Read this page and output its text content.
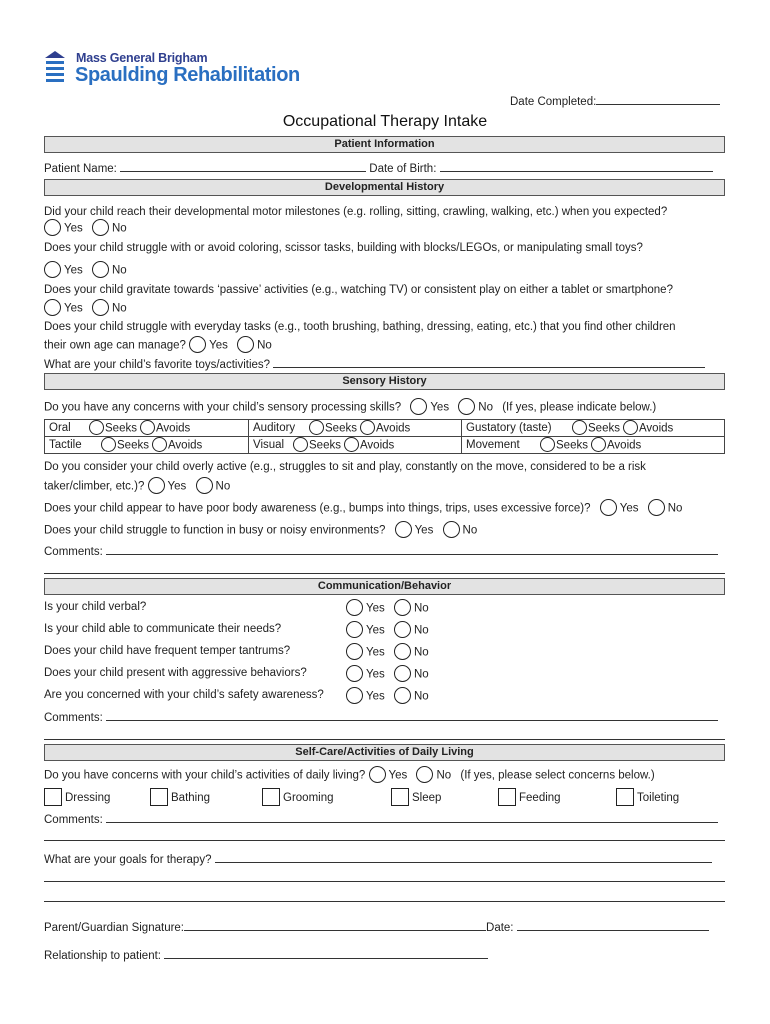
Mass General Brigham
Spaulding Rehabilitation
Date Completed:
Occupational Therapy Intake
Patient Information
Patient Name:	Date of Birth:
Developmental History
Did your child reach their developmental motor milestones (e.g. rolling, sitting, crawling, walking, etc.) when you expected?
Yes	No
Does your child struggle with or avoid coloring, scissor tasks, building with blocks/LEGOs, or manipulating small toys?
Yes	No
Does your child gravitate towards ‘passive’ activities (e.g., watching TV) or consistent play on either a tablet or smartphone?
Yes	No
Does your child struggle with everyday tasks (e.g., tooth brushing, bathing, dressing, eating, etc.) that you find other children
their own age can manage? Yes	No
What are your child’s favorite toys/activities?
Sensory History
Do you have any concerns with your child’s sensory processing skills?	Yes	No (If yes, please indicate below.)
Oral Seeks Avoids	Auditory Seeks Avoids	Gustatory (taste) Seeks Avoids
Tactile Seeks Avoids	Visual Seeks Avoids	Movement Seeks Avoids
Do you consider your child overly active (e.g., struggles to sit and play, constantly on the move, considered to be a risk
taker/climber, etc.)? Yes	No
Does your child appear to have poor body awareness (e.g., bumps into things, trips, uses excessive force)?	Yes	No
Does your child struggle to function in busy or noisy environments?	Yes	No
Comments:
Communication/Behavior
Is your child verbal?	Yes	No
Is your child able to communicate their needs?	Yes	No
Does your child have frequent temper tantrums?	Yes	No
Does your child present with aggressive behaviors?	Yes	No
Are you concerned with your child’s safety awareness?	Yes	No
Comments:
Self-Care/Activities of Daily Living
Do you have concerns with your child’s activities of daily living? Yes	No (If yes, please select concerns below.)
Dressing	Bathing	Grooming	Sleep	Feeding	Toileting
Comments:
What are your goals for therapy?
Parent/Guardian Signature:	Date:
Relationship to patient:
